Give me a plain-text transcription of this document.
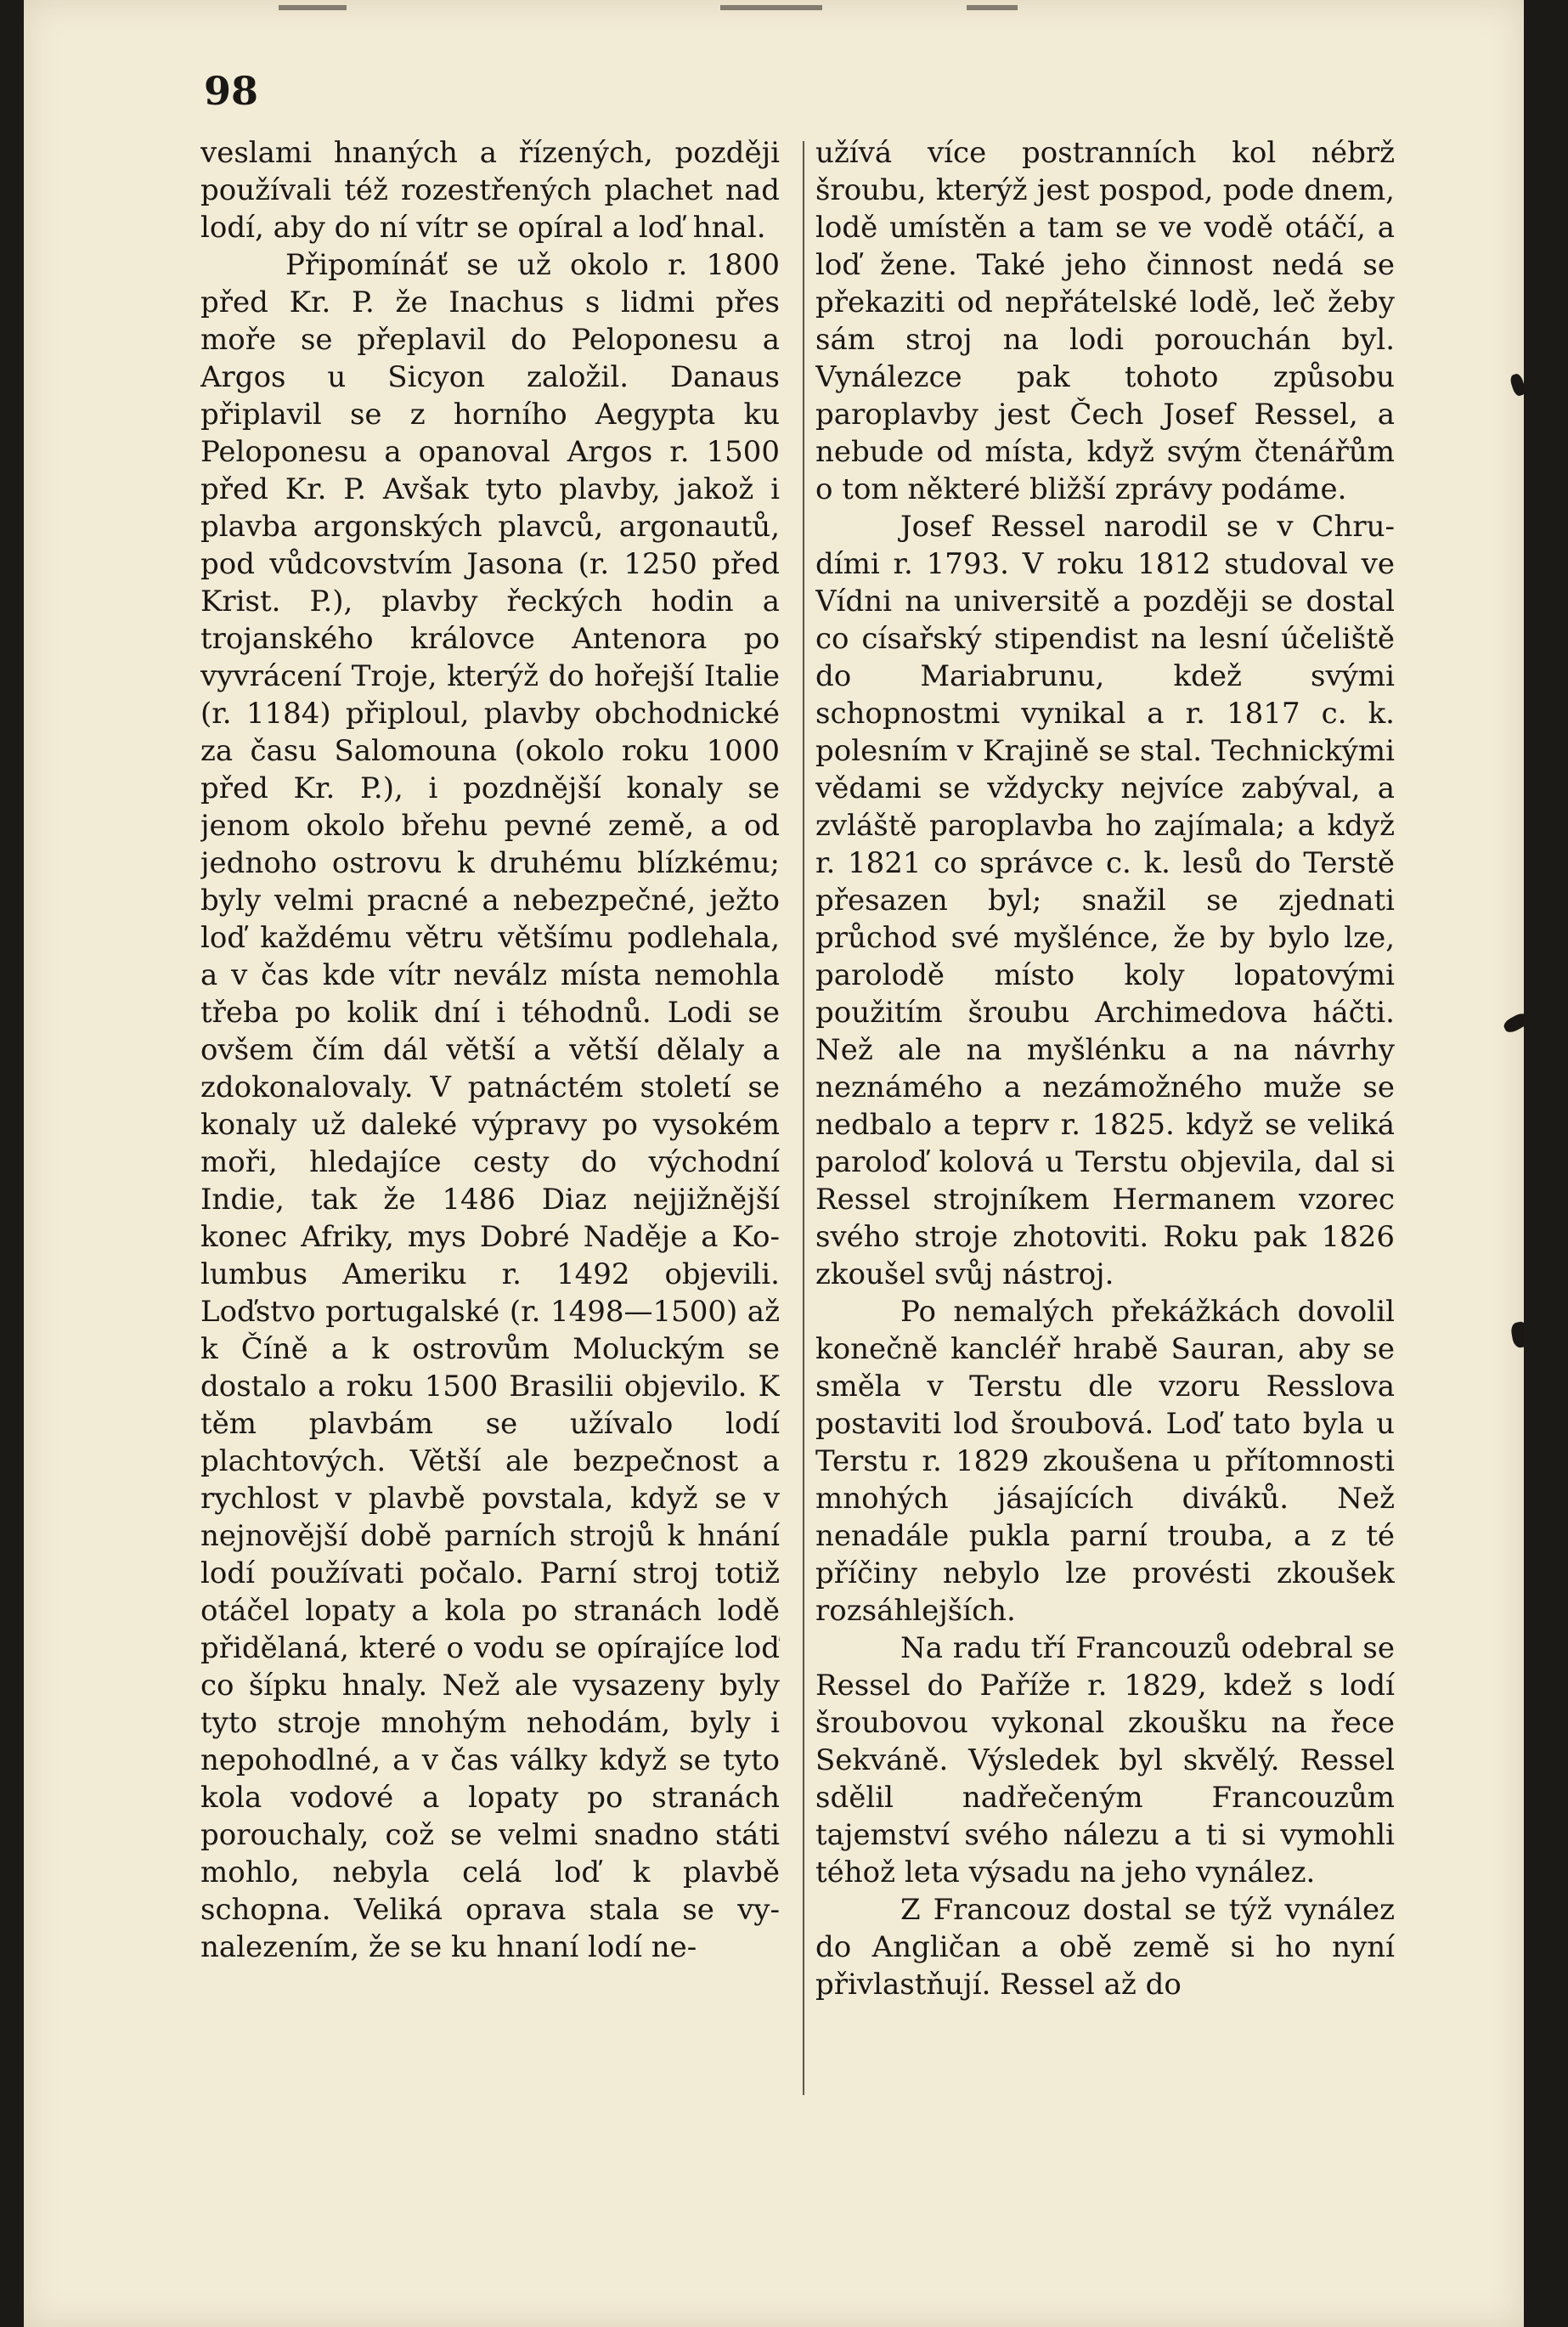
98

veslami hnaných a řízených, později používali též rozestřených plachet nad lodí, aby do ní vítr se opíral a loď hnal.

Připomínáť se už okolo r. 1800 před Kr. P. že Inachus s lidmi přes moře se přeplavil do Peloponesu a Argos u Sicyon založil. Danaus připlavil se z horního Aegypta ku Peloponesu a opanoval Argos r. 1500 před Kr. P. Avšak tyto plavby, jakož i plavba argonských plavců, argonautů, pod vůdcovstvím Jasona (r. 1250 před Krist. P.), plavby řeckých hodin a trojanského královce Antenora po vyvrácení Troje, kterýž do hořejší Italie (r. 1184) připloul, plavby obchodnické za času Salomouna (okolo roku 1000 před Kr. P.), i pozdnější konaly se jenom okolo břehu pevné země, a od jednoho ostrovu k druhému blízkému; byly velmi pracné a nebezpečné, ježto loď každému větru většímu podlehala, a v čas kde vítr neválz místa nemohla třeba po kolik dní i téhodnů. Lodi se ovšem čím dál větší a větší dělaly a zdokonalovaly. V patnáctém století se konaly už daleké výpravy po vysokém moři, hledajíce cesty do východní Indie, tak že 1486 Diaz nejjižnější konec Afriky, mys Dobré Naděje a Kolumbus Ameriku r. 1492 objevili. Loďstvo portugalské (r. 1498—1500) až k Číně a k ostrovům Moluckým se dostalo a roku 1500 Brasilii objevilo. K těm plavbám se užívalo lodí plachtových. Větší ale bezpečnost a rychlost v plavbě povstala, když se v nejnovější době parních strojů k hnání lodí používati počalo. Parní stroj totiž otáčel lopaty a kola po stranách lodě přidělaná, které o vodu se opírajíce loď co šípku hnaly. Než ale vysazeny byly tyto stroje mnohým nehodám, byly i nepohodlné, a v čas války když se tyto kola vodové a lopaty po stranách porouchaly, což se velmi snadno státi mohlo, nebyla celá loď k plavbě schopna. Veliká oprava stala se vynalezením, že se ku hnaní lodí ne-

užívá více postranních kol nébrž šroubu, kterýž jest pospod, pode dnem, lodě umístěn a tam se ve vodě otáčí, a loď žene. Také jeho činnost nedá se překaziti od nepřátelské lodě, leč žeby sám stroj na lodi porouchán byl. Vynálezce pak tohoto způsobu paroplavby jest Čech Josef Ressel, a nebude od místa, když svým čtenářům o tom některé bližší zprávy podáme.

Josef Ressel narodil se v Chrudími r. 1793. V roku 1812 studoval ve Vídni na universitě a později se dostal co císařský stipendist na lesní účeliště do Mariabrunu, kdež svými schopnostmi vynikal a r. 1817 c. k. polesním v Krajině se stal. Technickými vědami se vždycky nejvíce zabýval, a zvláště paroplavba ho zajímala; a když r. 1821 co správce c. k. lesů do Terstě přesazen byl; snažil se zjednati průchod své myšlénce, že by bylo lze, parolodě místo koly lopatovými použitím šroubu Archimedova háčti. Než ale na myšlénku a na návrhy neznámého a nezámožného muže se nedbalo a teprv r. 1825. když se veliká paroloď kolová u Terstu objevila, dal si Ressel strojníkem Hermanem vzorec svého stroje zhotoviti. Roku pak 1826 zkoušel svůj nástroj.

Po nemalých překážkách dovolil konečně kancléř hrabě Sauran, aby se směla v Terstu dle vzoru Resslova postaviti lod šroubová. Loď tato byla u Terstu r. 1829 zkoušena u přítomnosti mnohých jásajících diváků. Než nenadále pukla parní trouba, a z té příčiny nebylo lze provésti zkoušek rozsáhlejších.

Na radu tří Francouzů odebral se Ressel do Paříže r. 1829, kdež s lodí šroubovou vykonal zkoušku na řece Sekváně. Výsledek byl skvělý. Ressel sdělil nadřečeným Francouzům tajemství svého nálezu a ti si vymohli téhož leta výsadu na jeho vynález.

Z Francouz dostal se týž vynález do Angličan a obě země si ho nyní přivlastňují. Ressel až do
